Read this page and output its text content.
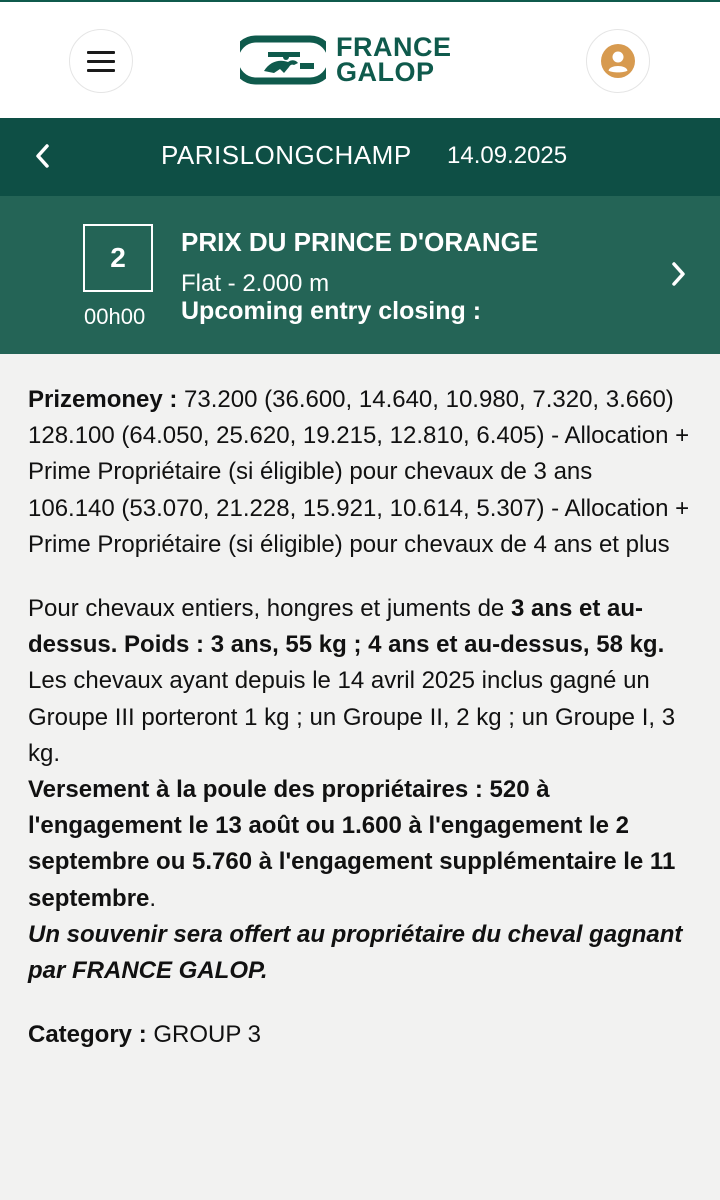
FRANCE
GALOP
PARISLONGCHAMP 14.09.2025
2
00h00
PRIX DU PRINCE D'ORANGE
Flat - 2.000 m
Upcoming entry closing :

Prizemoney : 73.200 (36.600, 14.640, 10.980, 7.320, 3.660)

128.100 (64.050, 25.620, 19.215, 12.810, 6.405) - Allocation + Prime Propriétaire (si éligible) pour chevaux de 3 ans

106.140 (53.070, 21.228, 15.921, 10.614, 5.307) - Allocation + Prime Propriétaire (si éligible) pour chevaux de 4 ans et plus

Pour chevaux entiers, hongres et juments de 3 ans et au-dessus. Poids : 3 ans, 55 kg ; 4 ans et au-dessus, 58 kg. Les chevaux ayant depuis le 14 avril 2025 inclus gagné un Groupe III porteront 1 kg ; un Groupe II, 2 kg ; un Groupe I, 3 kg.

Versement à la poule des propriétaires : 520 à l'engagement le 13 août ou 1.600 à l'engagement le 2 septembre ou 5.760 à l'engagement supplémentaire le 11 septembre.

Un souvenir sera offert au propriétaire du cheval gagnant par FRANCE GALOP.

Category : GROUP 3
